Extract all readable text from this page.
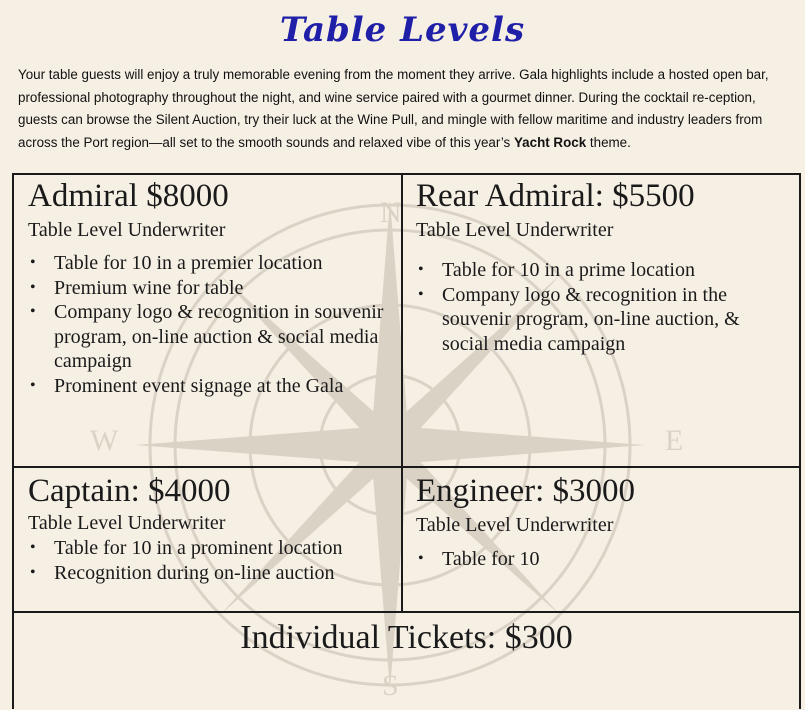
Table Levels
Your table guests will enjoy a truly memorable evening from the moment they arrive. Gala highlights include a hosted open bar, professional photography throughout the night, and wine service paired with a gourmet dinner. During the cocktail re-ception, guests can browse the Silent Auction, try their luck at the Wine Pull, and mingle with fellow maritime and industry leaders from across the Port region—all set to the smooth sounds and relaxed vibe of this year’s Yacht Rock theme.
N
S
W	E
Admiral $8000
Table Level Underwriter
• Table for 10 in a premier location
• Premium wine for table
• Company logo & recognition in souvenir program, on-line auction & social media campaign
• Prominent event signage at the Gala
Rear Admiral: $5500
Table Level Underwriter
• Table for 10 in a prime location
• Company logo & recognition in the souvenir program, on-line auction, & social media campaign
Captain: $4000
Table Level Underwriter
• Table for 10 in a prominent location
• Recognition during on-line auction
Engineer: $3000
Table Level Underwriter
• Table for 10
Individual Tickets: $300
